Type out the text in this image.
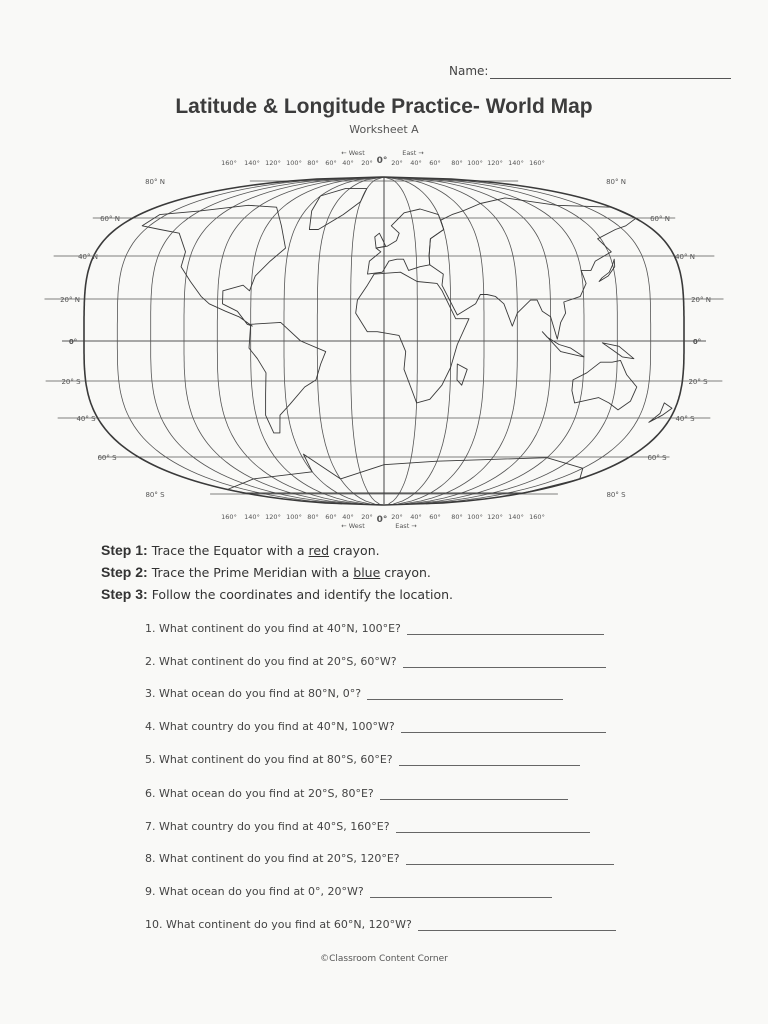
Name:
Latitude & Longitude Practice- World Map
Worksheet A
160° 140° 120° 100° 80° 60° 40° 20°	20° 40° 60° 80° 100° 120° 140° 160°
160° 140° 120° 100° 80° 60° 40° 20°	20° 40° 60° 80° 100° 120° 140° 160°
0°
0°
← West	East →
← West	East →
80° N
60° N
40° N
20° N
0°
20° S
40° S
60° S
80° S
80° N
60° N
40° N
20° N
0°
20° S
40° S
60° S
80° S
Step 1: Trace the Equator with a red crayon.
Step 2: Trace the Prime Meridian with a blue crayon.
Step 3: Follow the coordinates and identify the location.
1. What continent do you find at 40°N, 100°E?
2. What continent do you find at 20°S, 60°W?
3. What ocean do you find at 80°N, 0°?
4. What country do you find at 40°N, 100°W?
5. What continent do you find at 80°S, 60°E?
6. What ocean do you find at 20°S, 80°E?
7. What country do you find at 40°S, 160°E?
8. What continent do you find at 20°S, 120°E?
9. What ocean do you find at 0°, 20°W?
10. What continent do you find at 60°N, 120°W?
©Classroom Content Corner
